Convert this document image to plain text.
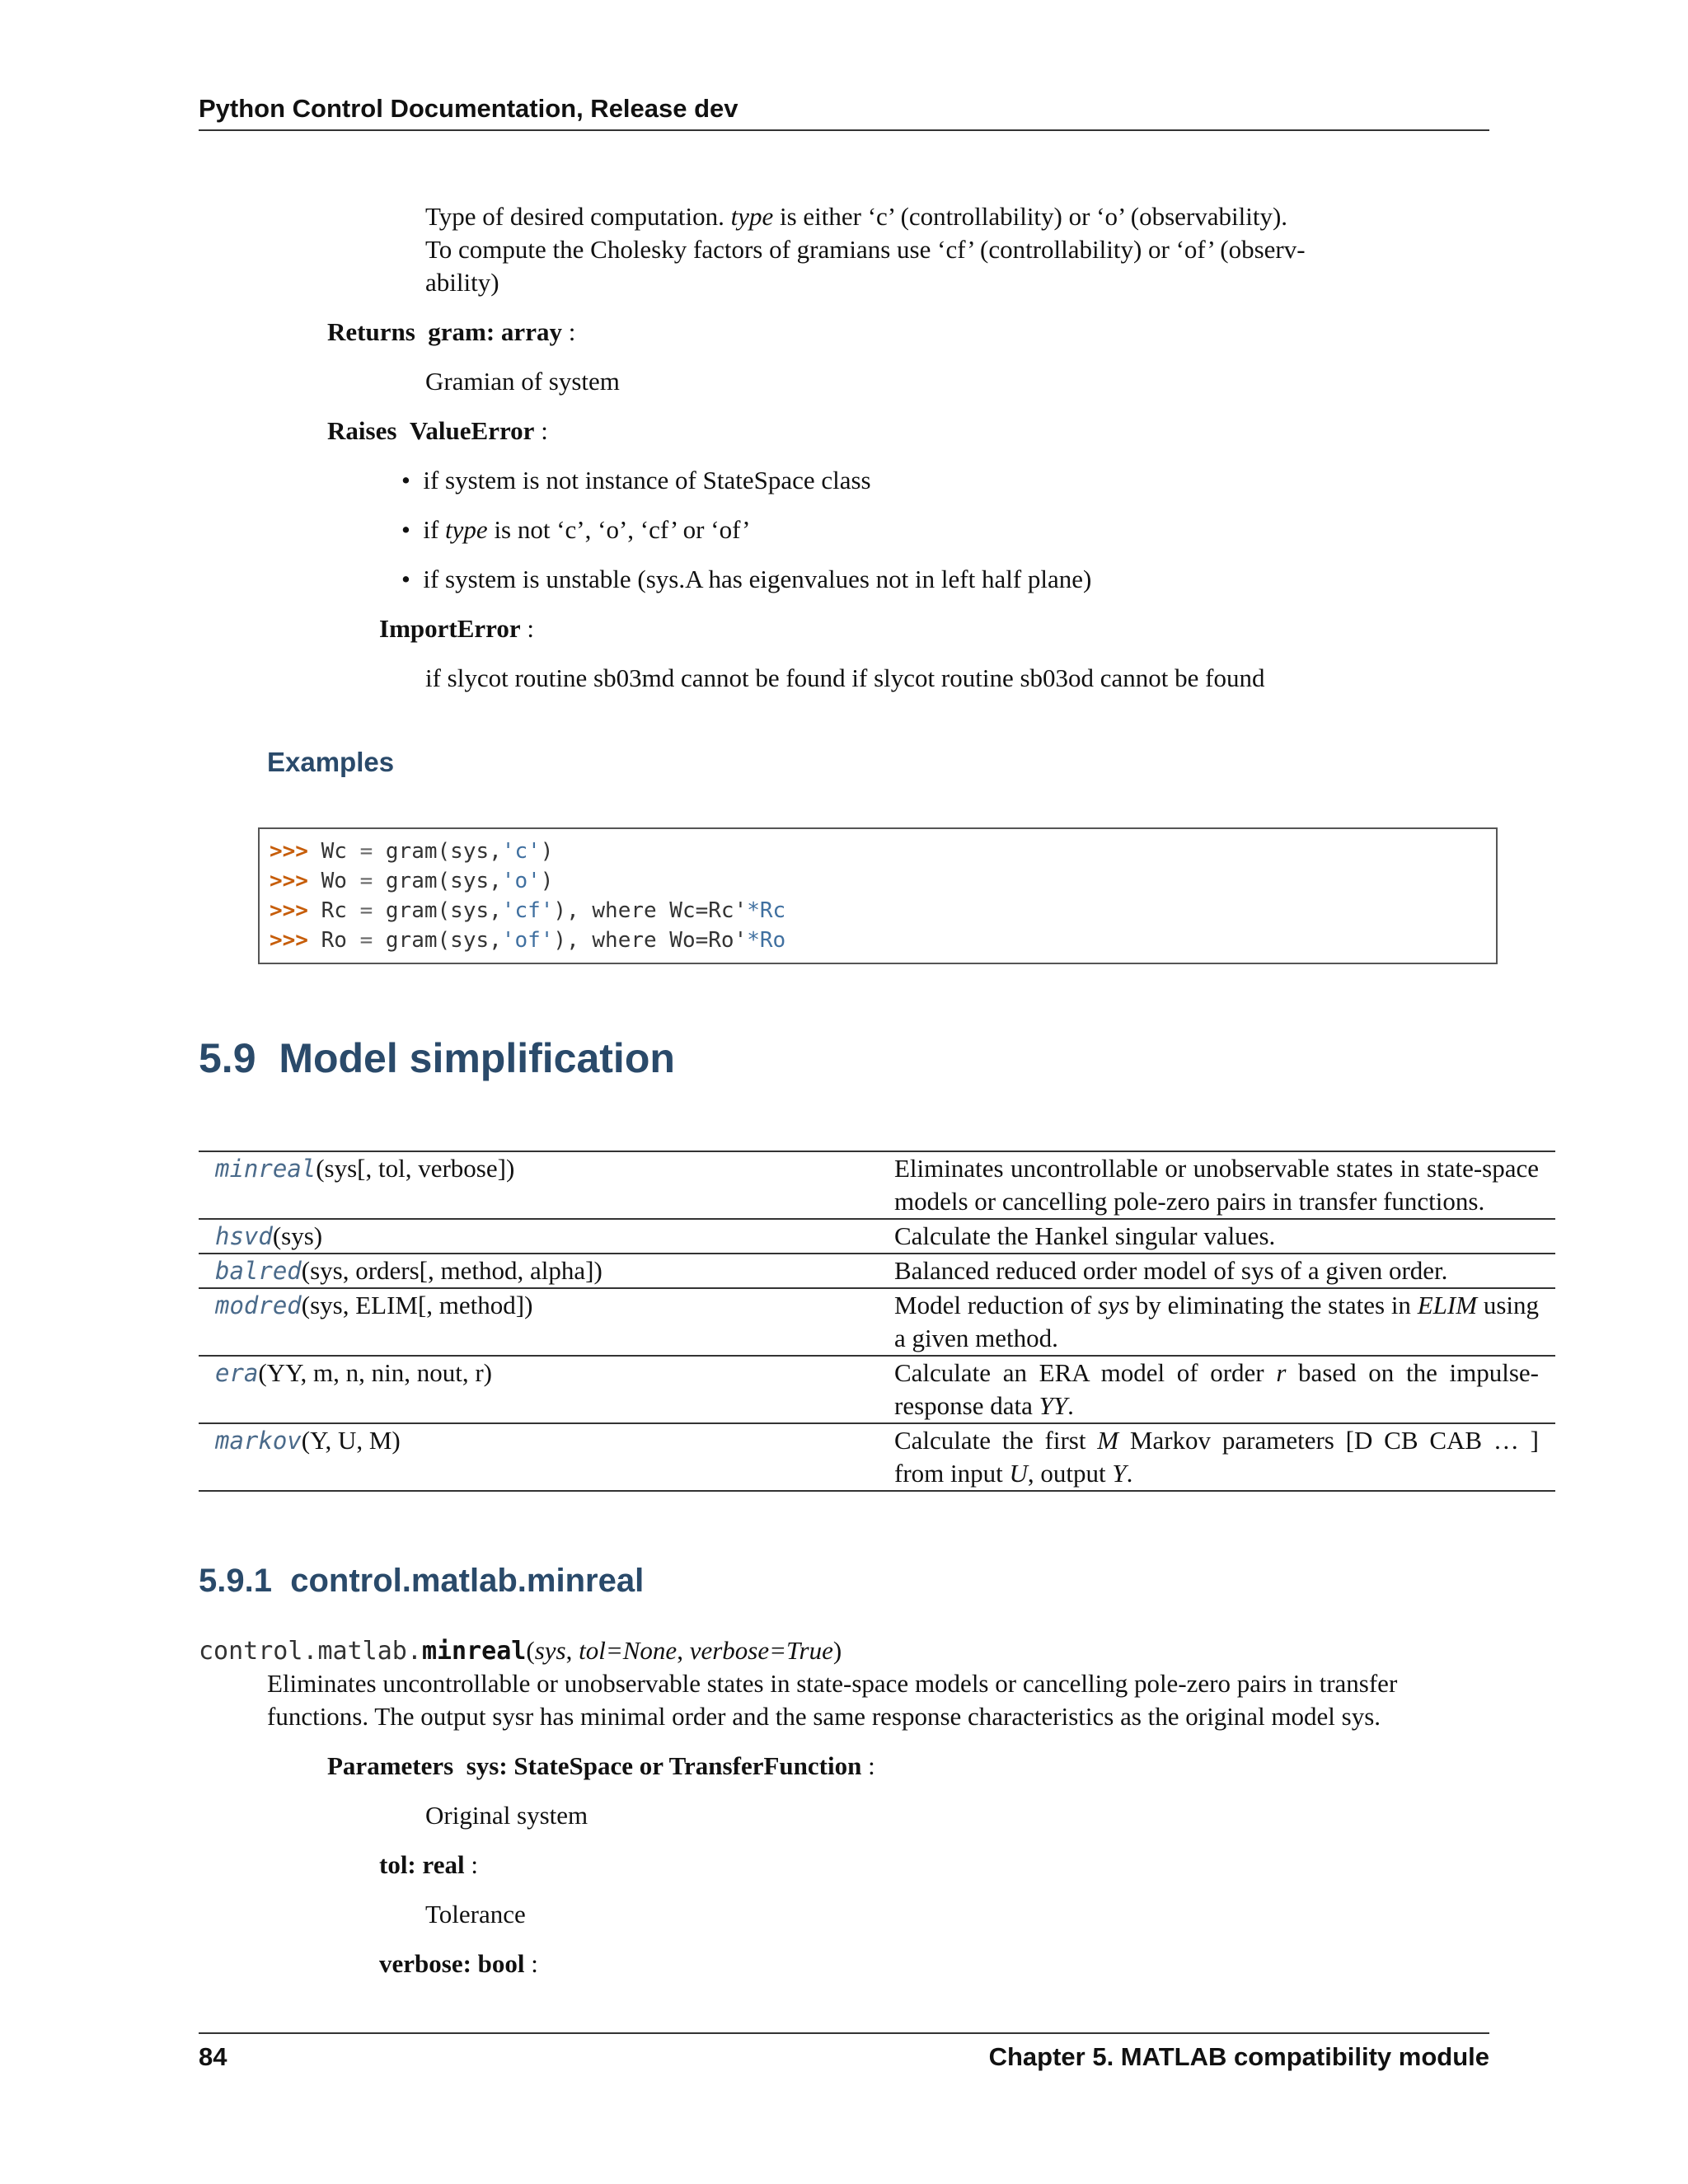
Python Control Documentation, Release dev
Type of desired computation. type is either ‘c’ (controllability) or ‘o’ (observability).
To compute the Cholesky factors of gramians use ‘cf’ (controllability) or ‘of’ (observ-
ability)
Returns gram: array :
Gramian of system
Raises ValueError :
• if system is not instance of StateSpace class
• if type is not ‘c’, ‘o’, ‘cf’ or ‘of’
• if system is unstable (sys.A has eigenvalues not in left half plane)
ImportError :
if slycot routine sb03md cannot be found if slycot routine sb03od cannot be found
Examples
>>> Wc = gram(sys,'c')
>>> Wo = gram(sys,'o')
>>> Rc = gram(sys,'cf'), where Wc=Rc'*Rc
>>> Ro = gram(sys,'of'), where Wo=Ro'*Ro
5.9 Model simplification
minreal(sys[, tol, verbose])	Eliminates uncontrollable or unobservable states in state-space models or cancelling pole-zero pairs in transfer functions.
hsvd(sys)	Calculate the Hankel singular values.
balred(sys, orders[, method, alpha])	Balanced reduced order model of sys of a given order.
modred(sys, ELIM[, method])	Model reduction of sys by eliminating the states in ELIM using a given method.
era(YY, m, n, nin, nout, r)	Calculate an ERA model of order r based on the impulse-response data YY.
markov(Y, U, M)	Calculate the first M Markov parameters [D CB CAB … ] from input U, output Y.
5.9.1 control.matlab.minreal
control.matlab.minreal(sys, tol=None, verbose=True)
Eliminates uncontrollable or unobservable states in state-space models or cancelling pole-zero pairs in transfer
functions. The output sysr has minimal order and the same response characteristics as the original model sys.
Parameters sys: StateSpace or TransferFunction :
Original system
tol: real :
Tolerance
verbose: bool :
84	Chapter 5. MATLAB compatibility module
